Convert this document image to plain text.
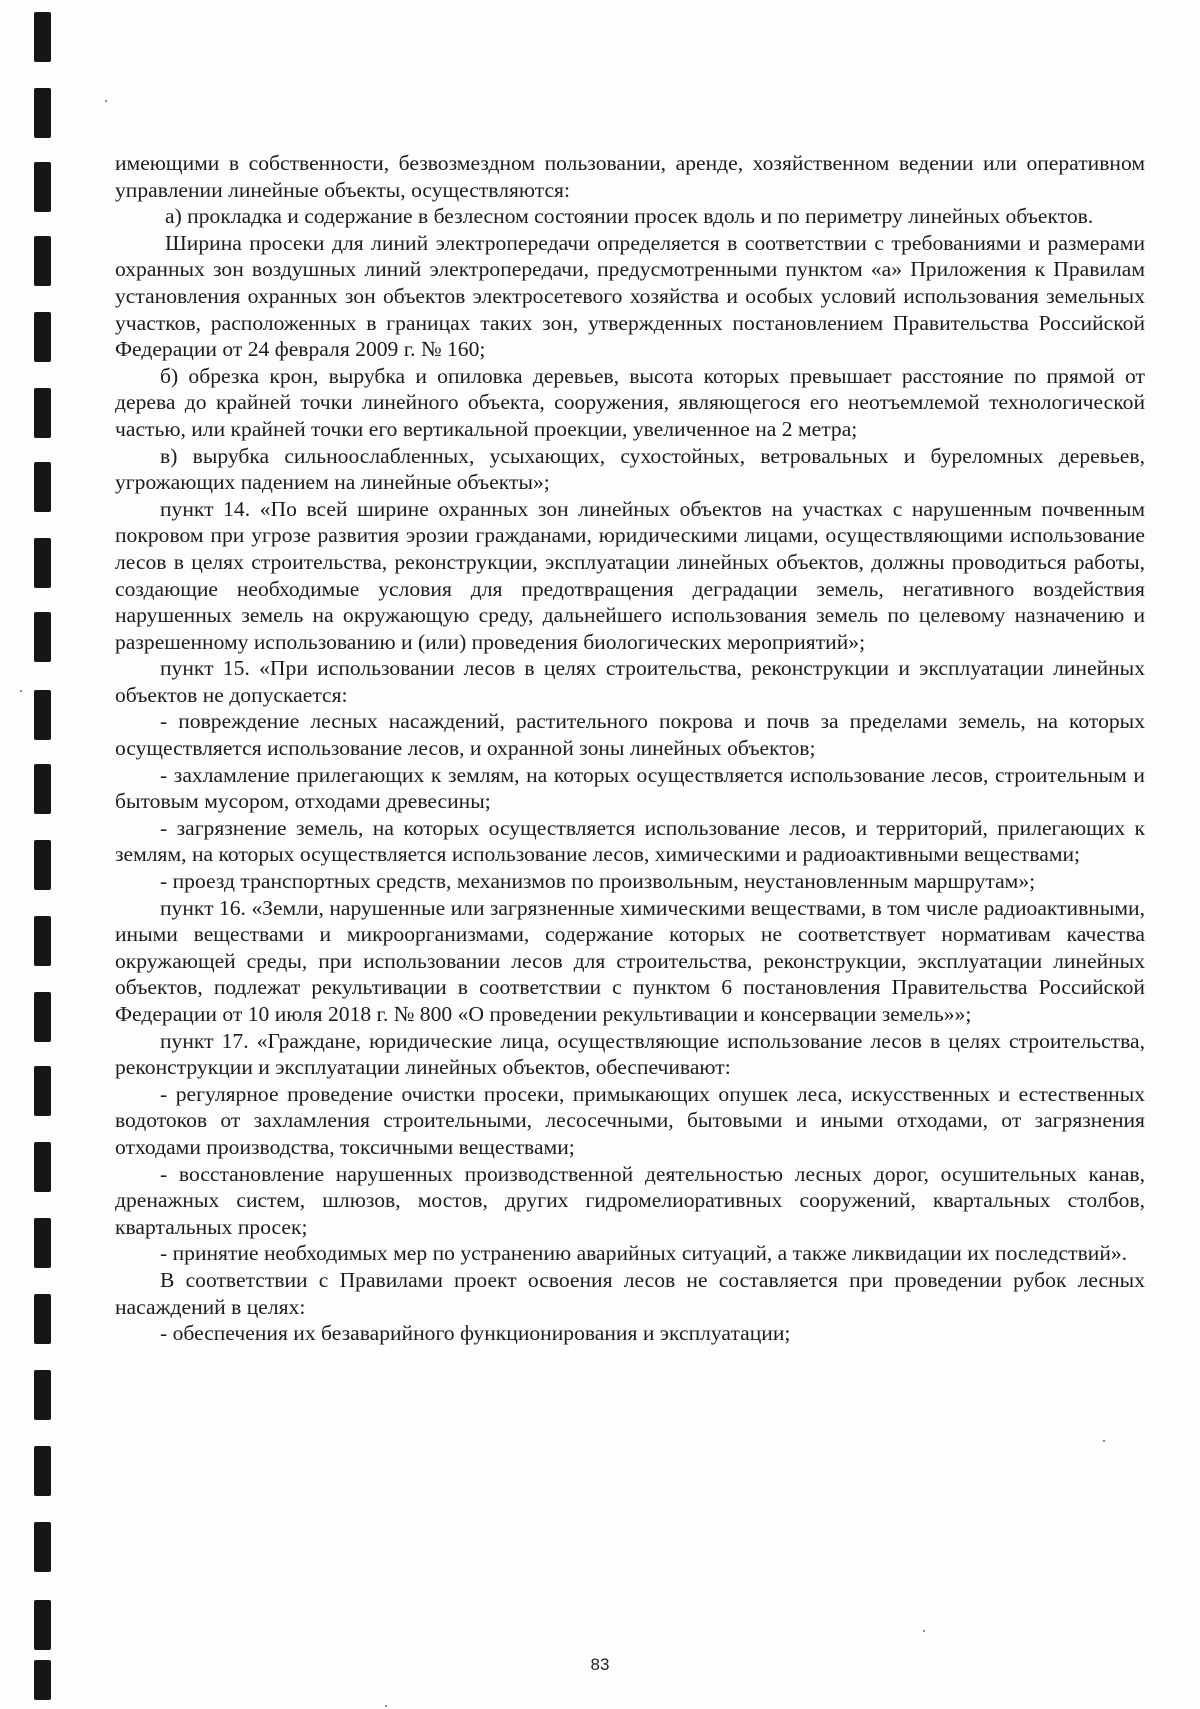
имеющими в собственности, безвозмездном пользовании, аренде, хозяйственном ведении или оперативном управлении линейные объекты, осуществляются:

а) прокладка и содержание в безлесном состоянии просек вдоль и по периметру линейных объектов.

Ширина просеки для линий электропередачи определяется в соответствии с требованиями и размерами охранных зон воздушных линий электропередачи, предусмотренными пунктом «а» Приложения к Правилам установления охранных зон объектов электросетевого хозяйства и особых условий использования земельных участков, расположенных в границах таких зон, утвержденных постановлением Правительства Российской Федерации от 24 февраля 2009 г. № 160;

б) обрезка крон, вырубка и опиловка деревьев, высота которых превышает расстояние по прямой от дерева до крайней точки линейного объекта, сооружения, являющегося его неотъемлемой технологической частью, или крайней точки его вертикальной проекции, увеличенное на 2 метра;

в) вырубка сильноослабленных, усыхающих, сухостойных, ветровальных и буреломных деревьев, угрожающих падением на линейные объекты»;

пункт 14. «По всей ширине охранных зон линейных объектов на участках с нарушенным почвенным покровом при угрозе развития эрозии гражданами, юридическими лицами, осуществляющими использование лесов в целях строительства, реконструкции, эксплуатации линейных объектов, должны проводиться работы, создающие необходимые условия для предотвращения деградации земель, негативного воздействия нарушенных земель на окружающую среду, дальнейшего использования земель по целевому назначению и разрешенному использованию и (или) проведения биологических мероприятий»;

пункт 15. «При использовании лесов в целях строительства, реконструкции и эксплуатации линейных объектов не допускается:

- повреждение лесных насаждений, растительного покрова и почв за пределами земель, на которых осуществляется использование лесов, и охранной зоны линейных объектов;

- захламление прилегающих к землям, на которых осуществляется использование лесов, строительным и бытовым мусором, отходами древесины;

- загрязнение земель, на которых осуществляется использование лесов, и территорий, прилегающих к землям, на которых осуществляется использование лесов, химическими и радиоактивными веществами;

- проезд транспортных средств, механизмов по произвольным, неустановленным маршрутам»;

пункт 16. «Земли, нарушенные или загрязненные химическими веществами, в том числе радиоактивными, иными веществами и микроорганизмами, содержание которых не соответствует нормативам качества окружающей среды, при использовании лесов для строительства, реконструкции, эксплуатации линейных объектов, подлежат рекультивации в соответствии с пунктом 6 постановления Правительства Российской Федерации от 10 июля 2018 г. № 800 «О проведении рекультивации и консервации земель»»;

пункт 17. «Граждане, юридические лица, осуществляющие использование лесов в целях строительства, реконструкции и эксплуатации линейных объектов, обеспечивают:

- регулярное проведение очистки просеки, примыкающих опушек леса, искусственных и естественных водотоков от захламления строительными, лесосечными, бытовыми и иными отходами, от загрязнения отходами производства, токсичными веществами;

- восстановление нарушенных производственной деятельностью лесных дорог, осушительных канав, дренажных систем, шлюзов, мостов, других гидромелиоративных сооружений, квартальных столбов, квартальных просек;

- принятие необходимых мер по устранению аварийных ситуаций, а также ликвидации их последствий».

В соответствии с Правилами проект освоения лесов не составляется при проведении рубок лесных насаждений в целях:

- обеспечения их безаварийного функционирования и эксплуатации;

83
